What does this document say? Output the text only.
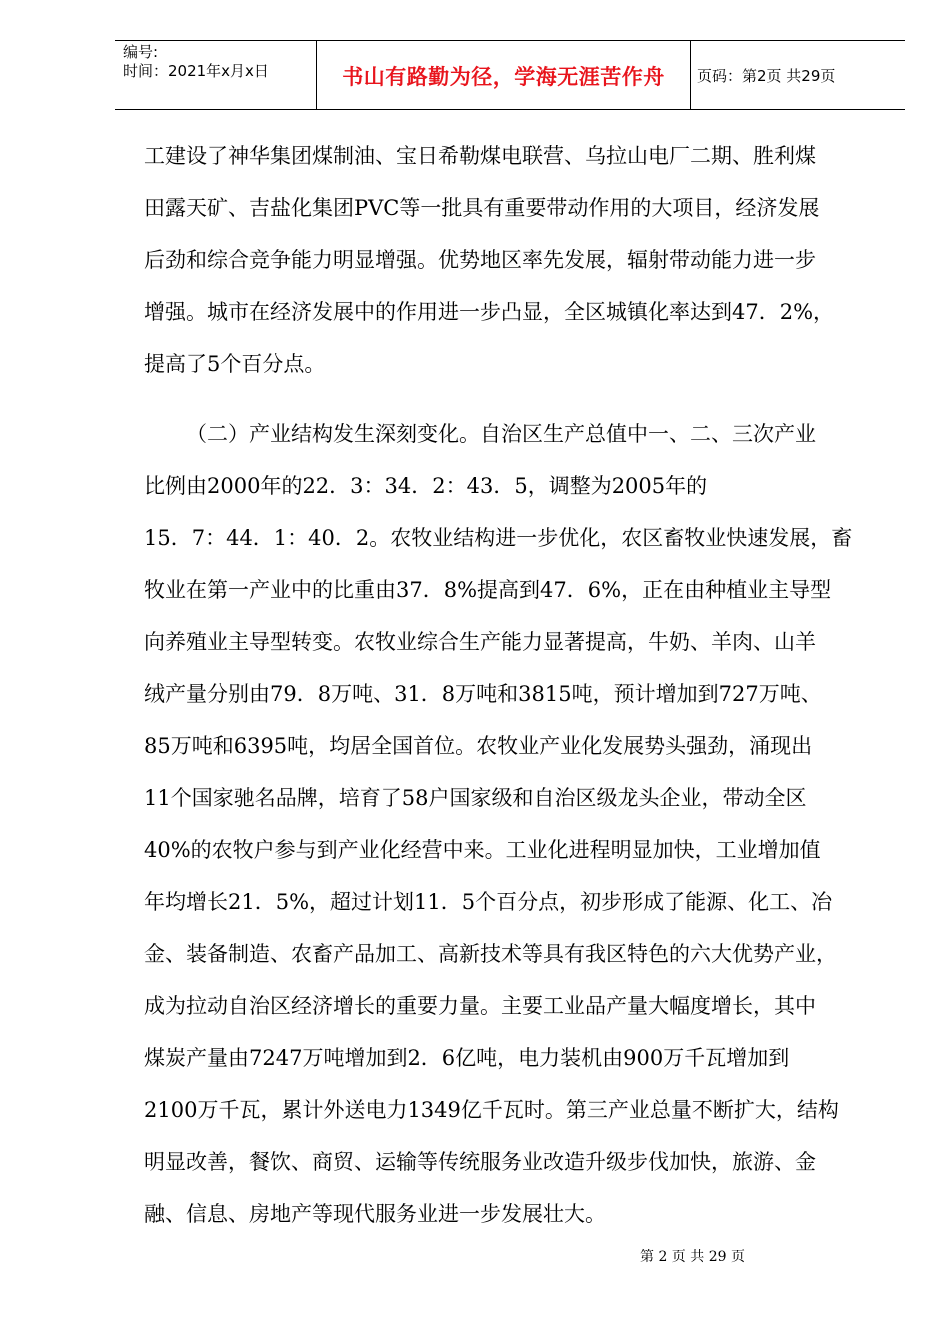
编号:
时间：2021年x月x日	书山有路勤为径，学海无涯苦作舟	页码：第2页 共29页
工建设了神华集团煤制油、宝日希勒煤电联营、乌拉山电厂二期、胜利煤
田露天矿、吉盐化集团PVC等一批具有重要带动作用的大项目，经济发展
后劲和综合竞争能力明显增强。优势地区率先发展，辐射带动能力进一步
增强。城市在经济发展中的作用进一步凸显，全区城镇化率达到47．2%，
提高了5个百分点。
（二）产业结构发生深刻变化。自治区生产总值中一、二、三次产业
比例由2000年的22．3：34．2：43．5，调整为2005年的
15．7：44．1：40．2。农牧业结构进一步优化，农区畜牧业快速发展，畜
牧业在第一产业中的比重由37．8%提高到47．6%，正在由种植业主导型
向养殖业主导型转变。农牧业综合生产能力显著提高，牛奶、羊肉、山羊
绒产量分别由79．8万吨、31．8万吨和3815吨，预计增加到727万吨、
85万吨和6395吨，均居全国首位。农牧业产业化发展势头强劲，涌现出
11个国家驰名品牌，培育了58户国家级和自治区级龙头企业，带动全区
40%的农牧户参与到产业化经营中来。工业化进程明显加快，工业增加值
年均增长21．5%，超过计划11．5个百分点，初步形成了能源、化工、冶
金、装备制造、农畜产品加工、高新技术等具有我区特色的六大优势产业，
成为拉动自治区经济增长的重要力量。主要工业品产量大幅度增长，其中
煤炭产量由7247万吨增加到2．6亿吨，电力装机由900万千瓦增加到
2100万千瓦，累计外送电力1349亿千瓦时。第三产业总量不断扩大，结构
明显改善，餐饮、商贸、运输等传统服务业改造升级步伐加快，旅游、金
融、信息、房地产等现代服务业进一步发展壮大。
第 2 页 共 29 页
